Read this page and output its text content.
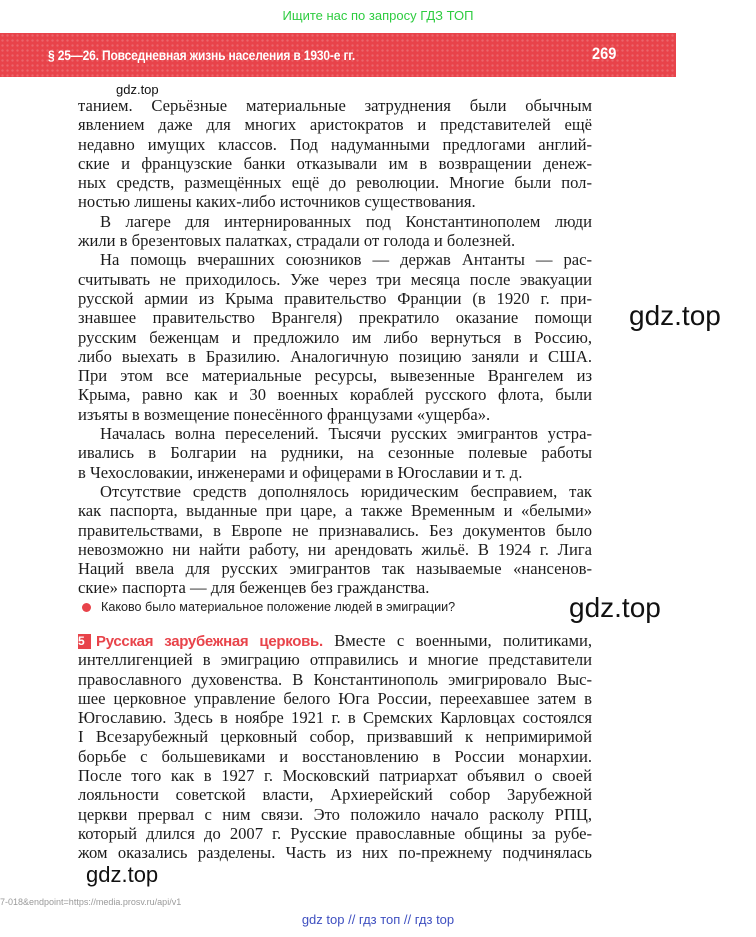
Ищите нас по запросу ГДЗ ТОП
§ 25—26. Повседневная жизнь населения в 1930-е гг.	269
gdz.top
gdz.top
gdz.top
gdz.top
танием. Серьёзные материальные затруднения были обычным
явлением даже для многих аристократов и представителей ещё
недавно имущих классов. Под надуманными предлогами англий-
ские и французские банки отказывали им в возвращении денеж-
ных средств, размещённых ещё до революции. Многие были пол-
ностью лишены каких-либо источников существования.
В лагере для интернированных под Константинополем люди
жили в брезентовых палатках, страдали от голода и болезней.
На помощь вчерашних союзников — держав Антанты — рас-
считывать не приходилось. Уже через три месяца после эвакуации
русской армии из Крыма правительство Франции (в 1920 г. при-
знавшее правительство Врангеля) прекратило оказание помощи
русским беженцам и предложило им либо вернуться в Россию,
либо выехать в Бразилию. Аналогичную позицию заняли и США.
При этом все материальные ресурсы, вывезенные Врангелем из
Крыма, равно как и 30 военных кораблей русского флота, были
изъяты в возмещение понесённого французами «ущерба».
Началась волна переселений. Тысячи русских эмигрантов устра-
ивались в Болгарии на рудники, на сезонные полевые работы
в Чехословакии, инженерами и офицерами в Югославии и т. д.
Отсутствие средств дополнялось юридическим бесправием, так
как паспорта, выданные при царе, а также Временным и «белыми»
правительствами, в Европе не признавались. Без документов было
невозможно ни найти работу, ни арендовать жильё. В 1924 г. Лига
Наций ввела для русских эмигрантов так называемые «нансенов-
ские» паспорта — для беженцев без гражданства.
Каково было материальное положение людей в эмиграции?
5 Русская зарубежная церковь. Вместе с военными, политиками,
интеллигенцией в эмиграцию отправились и многие представители
православного духовенства. В Константинополь эмигрировало Выс-
шее церковное управление белого Юга России, переехавшее затем в
Югославию. Здесь в ноябре 1921 г. в Сремских Карловцах состоялся
I Всезарубежный церковный собор, призвавший к непримиримой
борьбе с большевиками и восстановлению в России монархии.
После того как в 1927 г. Московский патриархат объявил о своей
лояльности советской власти, Архиерейский собор Зарубежной
церкви прервал с ним связи. Это положило начало расколу РПЦ,
который длился до 2007 г. Русские православные общины за рубе-
жом оказались разделены. Часть из них по-прежнему подчинялась
7-018&endpoint=https://media.prosv.ru/api/v1
gdz top // гдз топ // гдз top
